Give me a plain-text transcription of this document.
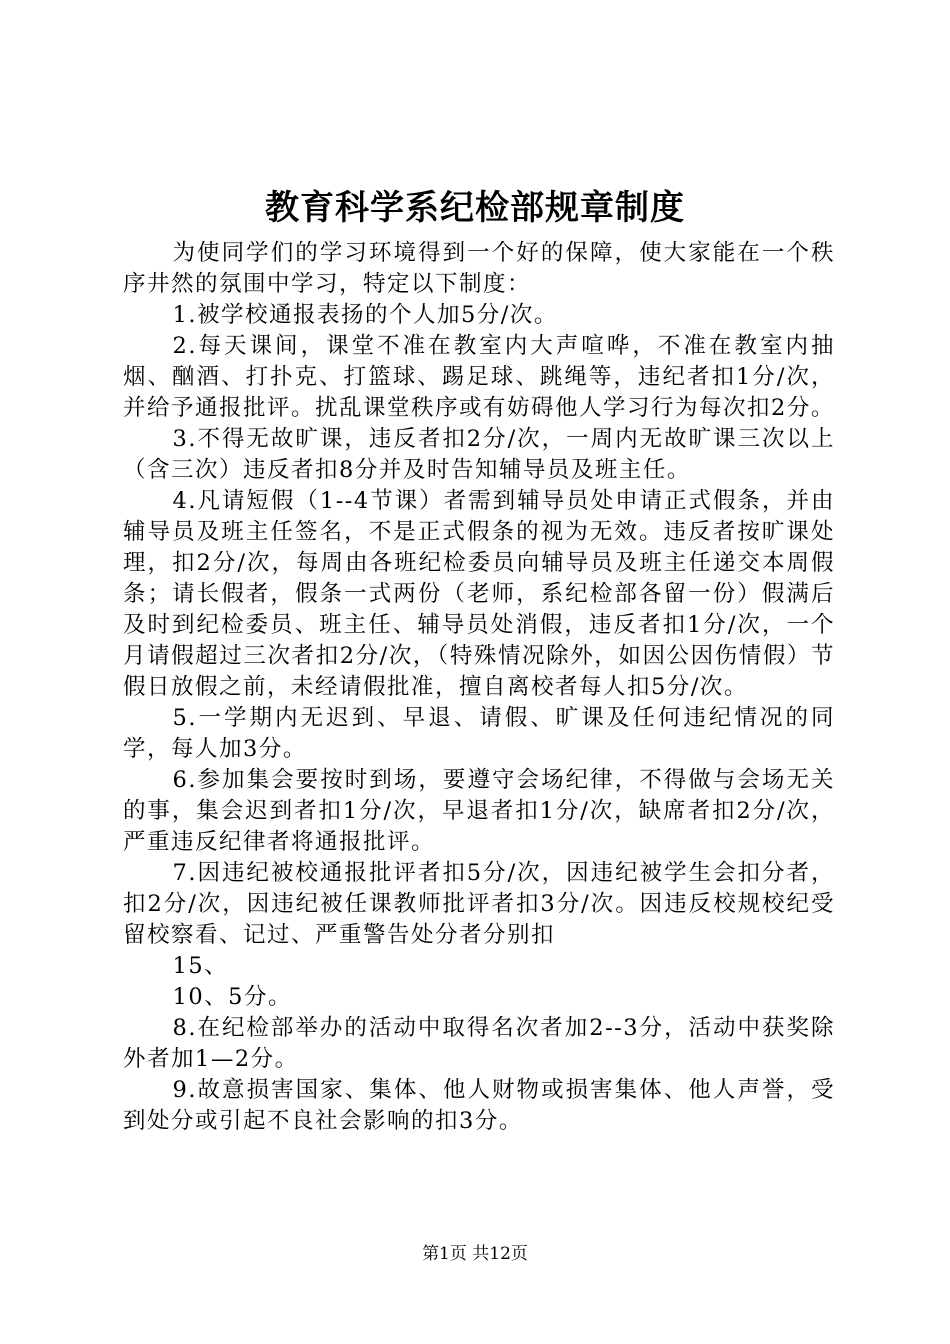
教育科学系纪检部规章制度

为使同学们的学习环境得到一个好的保障，使大家能在一个秩序井然的氛围中学习，特定以下制度：

1.被学校通报表扬的个人加5分/次。

2.每天课间，课堂不准在教室内大声喧哗，不准在教室内抽烟、酗酒、打扑克、打篮球、踢足球、跳绳等，违纪者扣1分/次，并给予通报批评。扰乱课堂秩序或有妨碍他人学习行为每次扣2分。

3.不得无故旷课，违反者扣2分/次，一周内无故旷课三次以上（含三次）违反者扣8分并及时告知辅导员及班主任。

4.凡请短假（1--4节课）者需到辅导员处申请正式假条，并由辅导员及班主任签名，不是正式假条的视为无效。违反者按旷课处理，扣2分/次，每周由各班纪检委员向辅导员及班主任递交本周假条；请长假者，假条一式两份（老师，系纪检部各留一份）假满后及时到纪检委员、班主任、辅导员处消假，违反者扣1分/次，一个月请假超过三次者扣2分/次，（特殊情况除外，如因公因伤情假）节假日放假之前，未经请假批准，擅自离校者每人扣5分/次。

5.一学期内无迟到、早退、请假、旷课及任何违纪情况的同学，每人加3分。

6.参加集会要按时到场，要遵守会场纪律，不得做与会场无关的事，集会迟到者扣1分/次，早退者扣1分/次，缺席者扣2分/次，严重违反纪律者将通报批评。

7.因违纪被校通报批评者扣5分/次，因违纪被学生会扣分者，扣2分/次，因违纪被任课教师批评者扣3分/次。因违反校规校纪受留校察看、记过、严重警告处分者分别扣

15、

10、5分。

8.在纪检部举办的活动中取得名次者加2--3分，活动中获奖除外者加1—2分。

9.故意损害国家、集体、他人财物或损害集体、他人声誉，受到处分或引起不良社会影响的扣3分。

第1页 共12页
